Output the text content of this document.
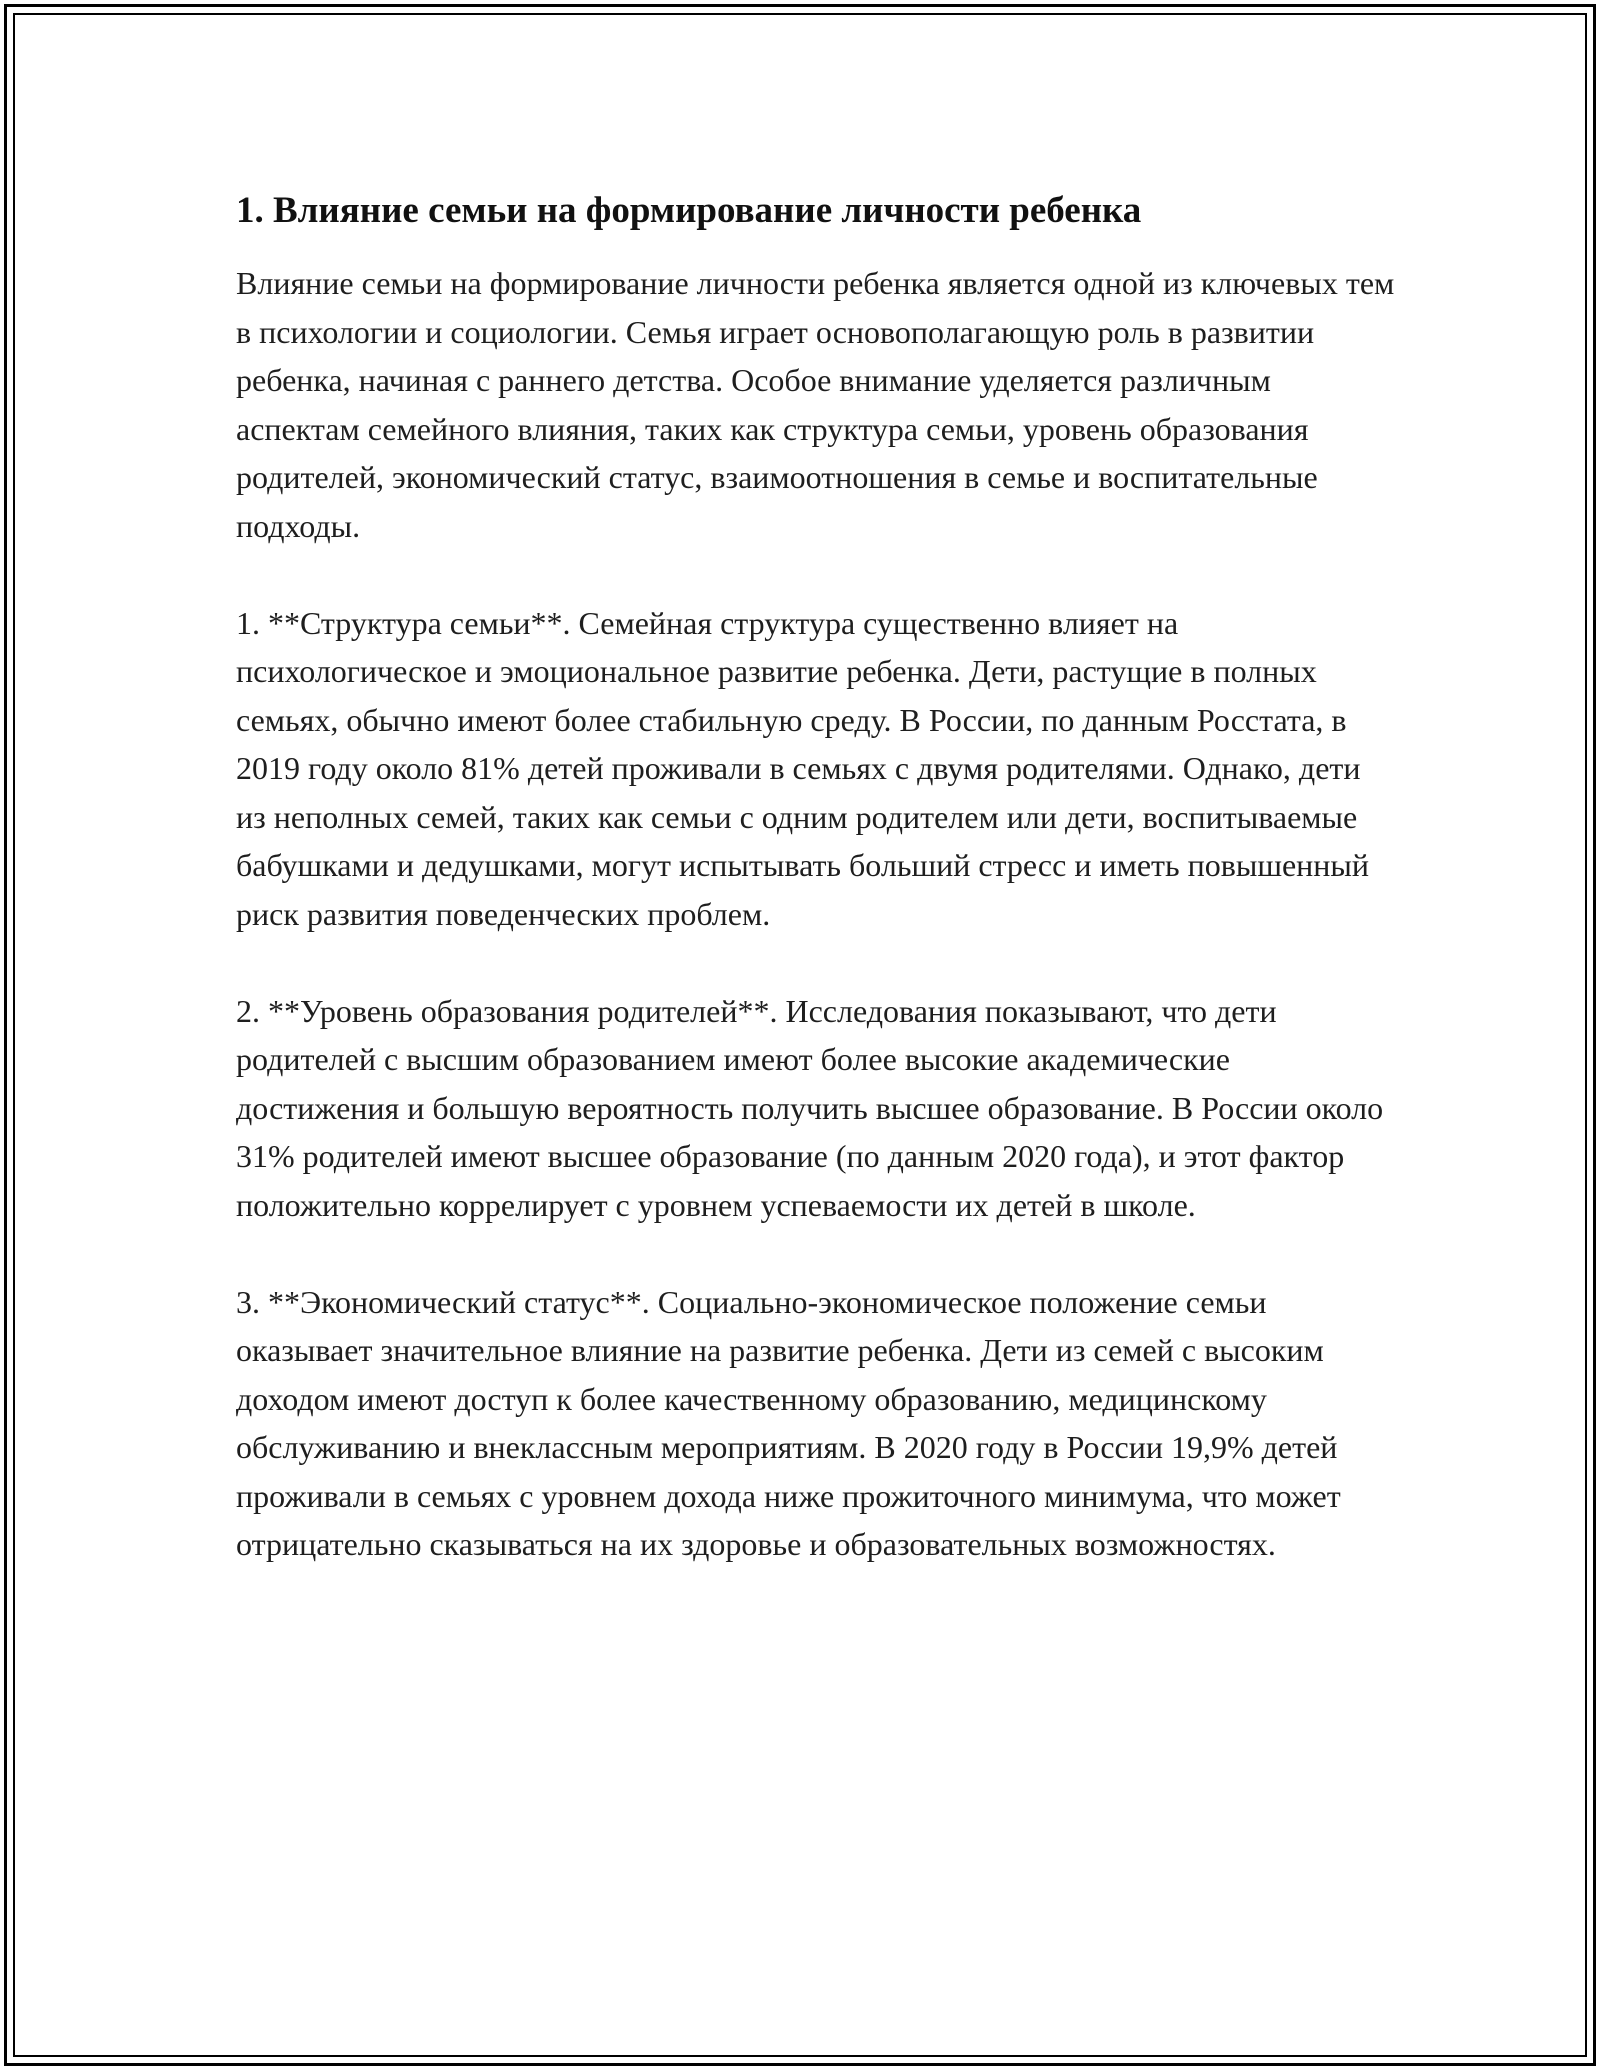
1. Влияние семьи на формирование личности ребенка

Влияние семьи на формирование личности ребенка является одной из ключевых тем в психологии и социологии. Семья играет основополагающую роль в развитии ребенка, начиная с раннего детства. Особое внимание уделяется различным аспектам семейного влияния, таких как структура семьи, уровень образования родителей, экономический статус, взаимоотношения в семье и воспитательные подходы.

1. **Структура семьи**. Семейная структура существенно влияет на психологическое и эмоциональное развитие ребенка. Дети, растущие в полных семьях, обычно имеют более стабильную среду. В России, по данным Росстата, в 2019 году около 81% детей проживали в семьях с двумя родителями. Однако, дети из неполных семей, таких как семьи с одним родителем или дети, воспитываемые бабушками и дедушками, могут испытывать больший стресс и иметь повышенный риск развития поведенческих проблем.

2. **Уровень образования родителей**. Исследования показывают, что дети родителей с высшим образованием имеют более высокие академические достижения и большую вероятность получить высшее образование. В России около 31% родителей имеют высшее образование (по данным 2020 года), и этот фактор положительно коррелирует с уровнем успеваемости их детей в школе.

3. **Экономический статус**. Социально-экономическое положение семьи оказывает значительное влияние на развитие ребенка. Дети из семей с высоким доходом имеют доступ к более качественному образованию, медицинскому обслуживанию и внеклассным мероприятиям. В 2020 году в России 19,9% детей проживали в семьях с уровнем дохода ниже прожиточного минимума, что может отрицательно сказываться на их здоровье и образовательных возможностях.
